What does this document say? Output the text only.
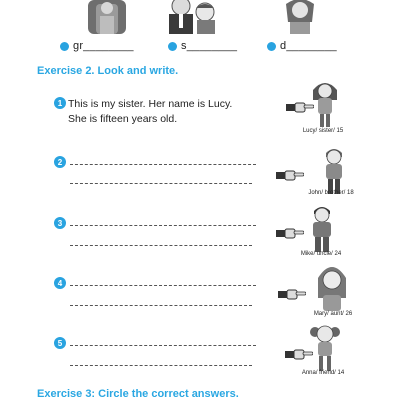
gr________	s________	d________
Exercise 2. Look and write.
1 This is my sister. Her name is Lucy.
She is fifteen years old.
2
3
4
5
Lucy/ sister/ 15
John/ brother/ 18
Mike/ uncle/ 24
Mary/ aunt/ 26
Anna/ friend/ 14
Exercise 3: Circle the correct answers.
